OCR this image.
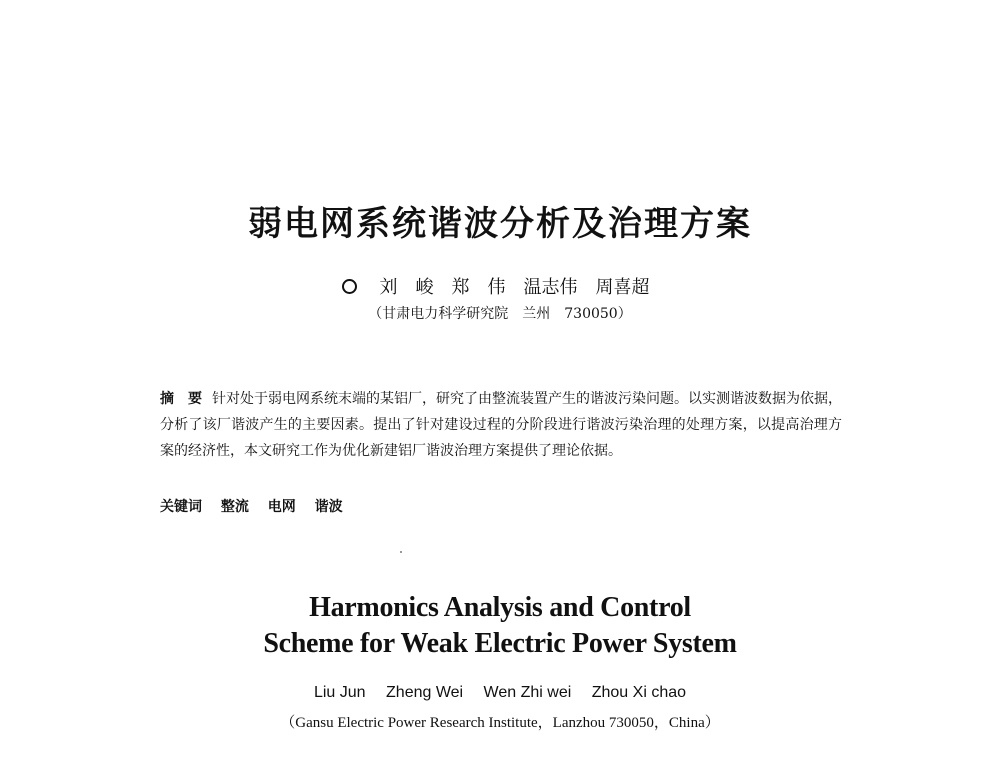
弱电网系统谐波分析及治理方案
刘　峻 郑　伟 温志伟 周喜超
（甘肃电力科学研究院　兰州　730050）
摘　要 针对处于弱电网系统末端的某铝厂，研究了由整流装置产生的谐波污染问题。以实测谐波数据为依据，分析了该厂谐波产生的主要因素。提出了针对建设过程的分阶段进行谐波污染治理的处理方案，以提高治理方案的经济性，本文研究工作为优化新建铝厂谐波治理方案提供了理论依据。
关键词 整流 电网 谐波
Harmonics Analysis and Control
Scheme for Weak Electric Power System
Liu Jun Zheng Wei Wen Zhi wei Zhou Xi chao
（Gansu Electric Power Research Institute，Lanzhou 730050，China）
